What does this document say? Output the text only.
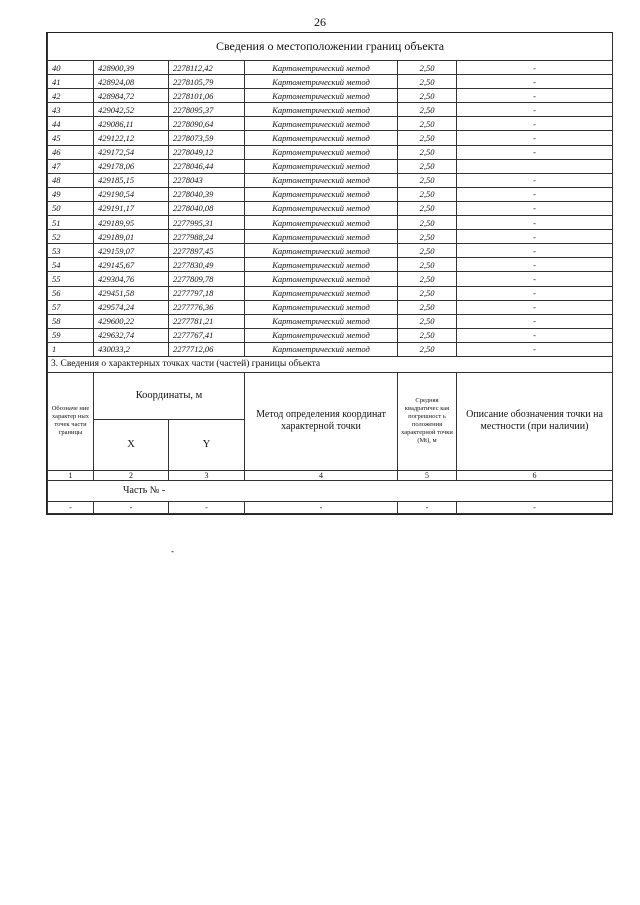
26
Сведения о местоположении границ объекта					
40	428900,39	2278112,42	Картометрический метод	2,50	-
41	428924,08	2278105,79	Картометрический метод	2,50	-
42	428984,72	2278101,06	Картометрический метод	2,50	-
43	429042,52	2278095,37	Картометрический метод	2,50	-
44	429086,11	2278090,64	Картометрический метод	2,50	-
45	429122,12	2278073,59	Картометрический метод	2,50	-
46	429172,54	2278049,12	Картометрический метод	2,50	-
47	429178,06	2278046,44	Картометрический метод	2,50	
48	429185,15	2278043	Картометрический метод	2,50	-
49	429190,54	2278040,39	Картометрический метод	2,50	-
50	429191,17	2278040,08	Картометрический метод	2,50	-
51	429189,95	2277995,31	Картометрический метод	2,50	-
52	429189,01	2277988,24	Картометрический метод	2,50	-
53	429159,07	2277897,45	Картометрический метод	2,50	-
54	429145,67	2277830,49	Картометрический метод	2,50	-
55	429304,76	2277809,78	Картометрический метод	2,50	-
56	429451,58	2277797,18	Картометрический метод	2,50	-
57	429574,24	2277776,36	Картометрический метод	2,50	-
58	429600,22	2277781,21	Картометрический метод	2,50	-
59	429632,74	2277767,41	Картометрический метод	2,50	-
1	430033,2	2277712,06	Картометрический метод	2,50	-
3. Сведения о характерных точках части (частей) границы объекта					
Обозначе ние характер ных точек части границы	Координаты, м		Метод определения координат характерной точки	Средняя квадратичес кая погрешност ь положения характерной точки (Mt), м	Описание обозначения точки на местности (при наличии)
	X	Y			
1	2	3	4	5	6
Часть № -					
-	-	-	-	-	-
-
